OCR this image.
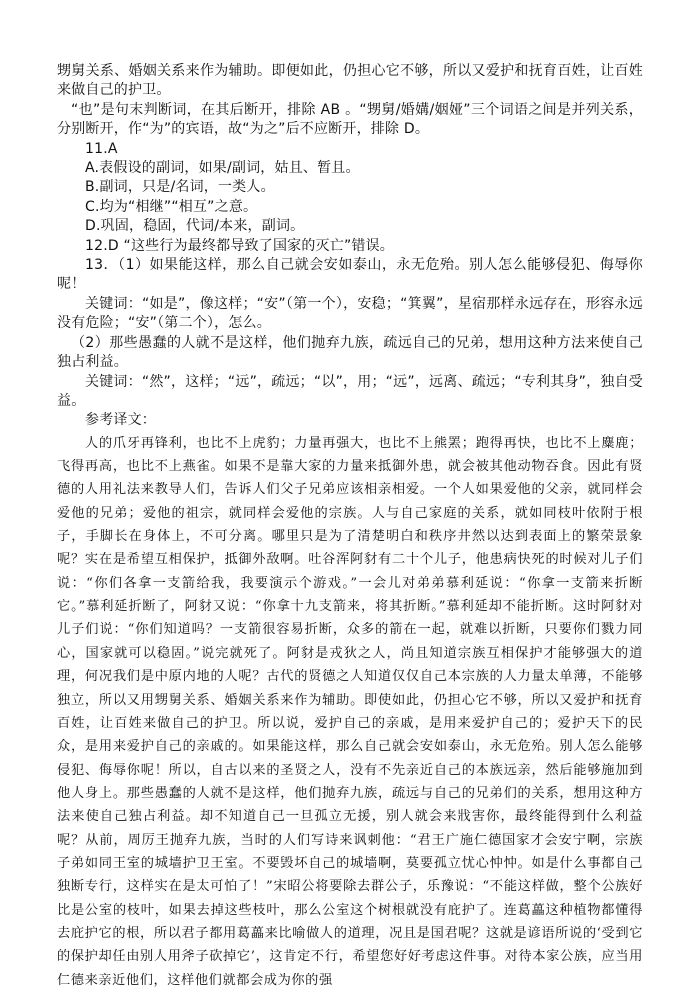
甥舅关系、婚姻关系来作为辅助。即便如此，仍担心它不够，所以又爱护和抚育百姓，让百姓来做自己的护卫。

“也”是句末判断词，在其后断开，排除 AB 。“甥舅/婚媾/姻娅”三个词语之间是并列关系，分别断开，作“为”的宾语，故“为之”后不应断开，排除 D。

11.A

A.表假设的副词，如果/副词，姑且、暂且。

B.副词，只是/名词，一类人。

C.均为“相继”“相互”之意。

D.巩固，稳固，代词/本来，副词。

12.D “这些行为最终都导致了国家的灭亡”错误。

13．（1）如果能这样，那么自己就会安如泰山，永无危殆。别人怎么能够侵犯、侮辱你呢！

关键词：“如是”，像这样；“安”（第一个），安稳；“箕翼”，星宿那样永远存在，形容永远没有危险；“安”（第二个），怎么。

（2）那些愚蠢的人就不是这样，他们抛弃九族，疏远自己的兄弟，想用这种方法来使自己独占利益。

关键词：“然”，这样；“远”，疏远；“以”，用；“远”，远离、疏远；“专利其身”，独自受益。

参考译文：

人的爪牙再锋利，也比不上虎豹；力量再强大，也比不上熊罴；跑得再快，也比不上麋鹿；飞得再高，也比不上燕雀。如果不是靠大家的力量来抵御外患，就会被其他动物吞食。因此有贤德的人用礼法来教导人们，告诉人们父子兄弟应该相亲相爱。一个人如果爱他的父亲，就同样会爱他的兄弟；爱他的祖宗，就同样会爱他的宗族。人与自己家庭的关系，就如同枝叶依附于根子，手脚长在身体上，不可分离。哪里只是为了清楚明白和秩序井然以达到表面上的繁荣景象呢？实在是希望互相保护，抵御外敌啊。吐谷浑阿豺有二十个儿子，他患病快死的时候对儿子们说：“你们各拿一支箭给我，我要演示个游戏。”一会儿对弟弟慕利延说：“你拿一支箭来折断它。”慕利延折断了，阿豺又说：“你拿十九支箭来，将其折断。”慕利延却不能折断。这时阿豺对儿子们说：“你们知道吗？一支箭很容易折断，众多的箭在一起，就难以折断，只要你们戮力同心，国家就可以稳固。”说完就死了。阿豺是戎狄之人，尚且知道宗族互相保护才能够强大的道理，何况我们是中原内地的人呢？古代的贤德之人知道仅仅自己本宗族的人力量太单薄，不能够独立，所以又用甥舅关系、婚姻关系来作为辅助。即使如此，仍担心它不够，所以又爱护和抚育百姓，让百姓来做自己的护卫。所以说，爱护自己的亲戚，是用来爱护自己的；爱护天下的民众，是用来爱护自己的亲戚的。如果能这样，那么自己就会安如泰山，永无危殆。别人怎么能够侵犯、侮辱你呢！所以，自古以来的圣贤之人，没有不先亲近自己的本族远亲，然后能够施加到他人身上。那些愚蠢的人就不是这样，他们抛弃九族，疏远与自己的兄弟们的关系，想用这种方法来使自己独占利益。却不知道自己一旦孤立无援，别人就会来戕害你，最终能得到什么利益呢？从前，周厉王抛弃九族，当时的人们写诗来讽刺他：“君王广施仁德国家才会安宁啊，宗族子弟如同王室的城墙护卫王室。不要毁坏自己的城墙啊，莫要孤立忧心忡忡。如是什么事都自己独断专行，这样实在是太可怕了！”宋昭公将要除去群公子，乐豫说：“不能这样做，整个公族好比是公室的枝叶，如果去掉这些枝叶，那么公室这个树根就没有庇护了。连葛藟这种植物都懂得去庇护它的根，所以君子都用葛藟来比喻做人的道理，况且是国君呢？这就是谚语所说的‘受到它的保护却任由别人用斧子砍掉它’，这肯定不行，希望您好好考虑这件事。对待本家公族，应当用仁德来亲近他们，这样他们就都会成为你的强
